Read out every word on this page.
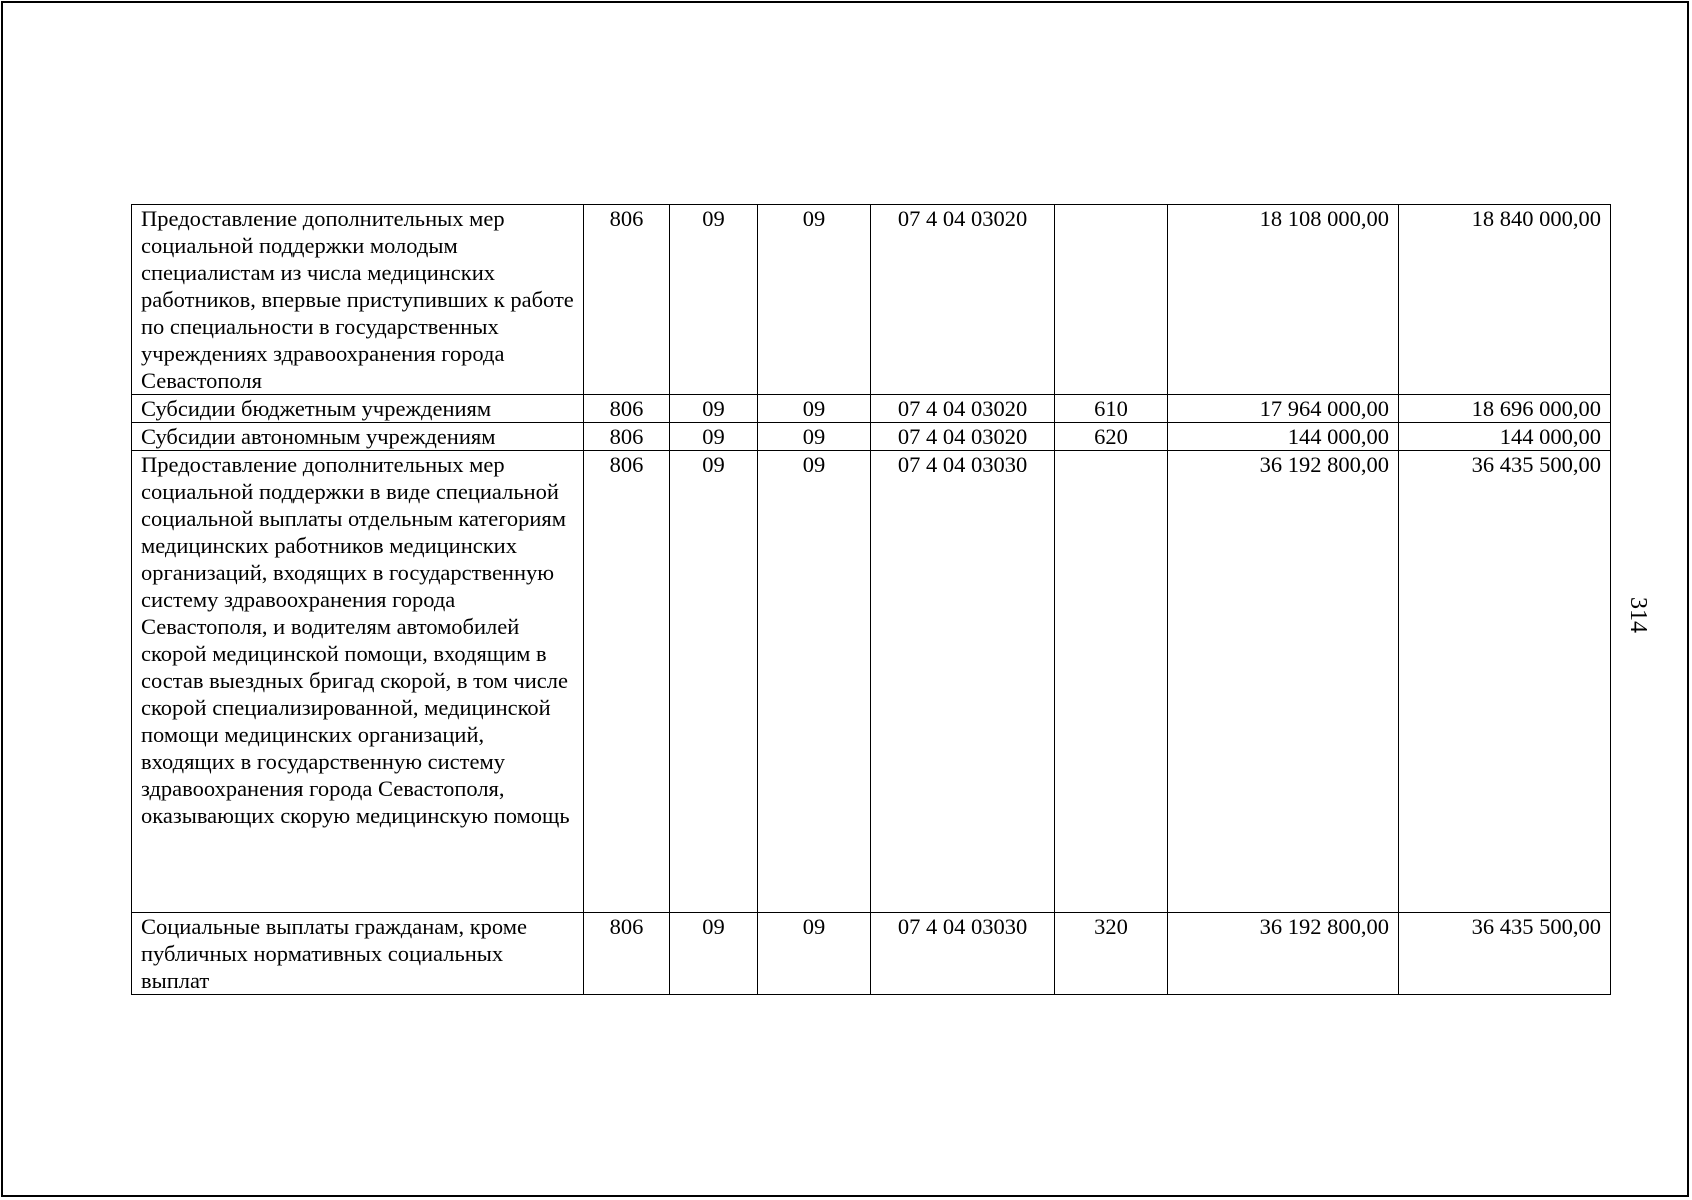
Предоставление дополнительных мер социальной поддержки молодым специалистам из числа медицинских работников, впервые приступивших к работе по специальности в государственных учреждениях здравоохранения города Севастополя	806	09	09	07 4 04 03020		18 108 000,00	18 840 000,00
Субсидии бюджетным учреждениям	806	09	09	07 4 04 03020	610	17 964 000,00	18 696 000,00
Субсидии автономным учреждениям	806	09	09	07 4 04 03020	620	144 000,00	144 000,00
Предоставление дополнительных мер социальной поддержки в виде специальной социальной выплаты отдельным категориям медицинских работников медицинских организаций, входящих в государственную систему здравоохранения города Севастополя, и водителям автомобилей скорой медицинской помощи, входящим в состав выездных бригад скорой, в том числе скорой специализированной, медицинской помощи медицинских организаций, входящих в государственную систему здравоохранения города Севастополя, оказывающих скорую медицинскую помощь	806	09	09	07 4 04 03030		36 192 800,00	36 435 500,00
Социальные выплаты гражданам, кроме публичных нормативных социальных выплат	806	09	09	07 4 04 03030	320	36 192 800,00	36 435 500,00
314
